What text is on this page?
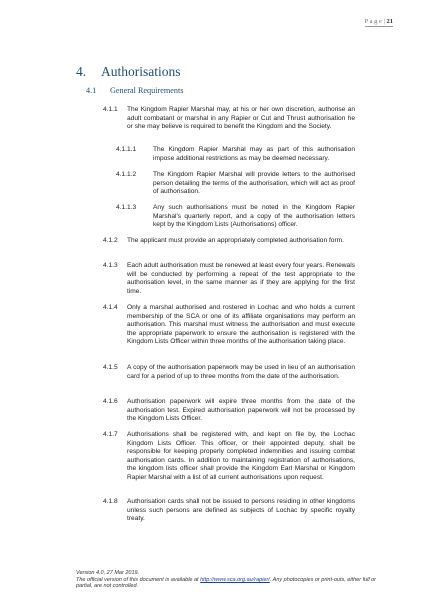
P a g e | 21
4. Authorisations
4.1 General Requirements
4.1.1	The Kingdom Rapier Marshal may, at his or her own discretion, authorise an adult combatant or marshal in any Rapier or Cut and Thrust authorisation he or she may believe is required to benefit the Kingdom and the Society.
4.1.1.1	The Kingdom Rapier Marshal may as part of this authorisation impose additional restrictions as may be deemed necessary.
4.1.1.2	The Kingdom Rapier Marshal will provide letters to the authorised person detailing the terms of the authorisation, which will act as proof of authorisation.
4.1.1.3	Any such authorisations must be noted in the Kingdom Rapier Marshal's quarterly report, and a copy of the authorisation letters kept by the Kingdom Lists (Authorisations) officer.
4.1.2	The applicant must provide an appropriately completed authorisation form.
4.1.3	Each adult authorisation must be renewed at least every four years. Renewals will be conducted by performing a repeat of the test appropriate to the authorisation level, in the same manner as if they are applying for the first time.
4.1.4	Only a marshal authorised and rostered in Lochac and who holds a current membership of the SCA or one of its affiliate organisations may perform an authorisation. This marshal must witness the authorisation and must execute the appropriate paperwork to ensure the authorisation is registered with the Kingdom Lists Officer within three months of the authorisation taking place.
4.1.5	A copy of the authorisation paperwork may be used in lieu of an authorisation card for a period of up to three months from the date of the authorisation.
4.1.6	Authorisation paperwork will expire three months from the date of the authorisation test. Expired authorisation paperwork will not be processed by the Kingdom Lists Officer.
4.1.7	Authorisations shall be registered with, and kept on file by, the Lochac Kingdom Lists Officer. This officer, or their appointed deputy, shall be responsible for keeping properly completed indemnities and issuing combat authorisation cards. In addition to maintaining registration of authorisations, the kingdom lists officer shall provide the Kingdom Earl Marshal or Kingdom Rapier Marshal with a list of all current authorisations upon request.
4.1.8	Authorisation cards shall not be issued to persons residing in other kingdoms unless such persons are defined as subjects of Lochac by specific royalty treaty.
Version 4.0, 27 Mar 2019.
The official version of this document is available at http://www.sca.org.au/rapier/. Any photocopies or print-outs, either full or partial, are not controlled.
